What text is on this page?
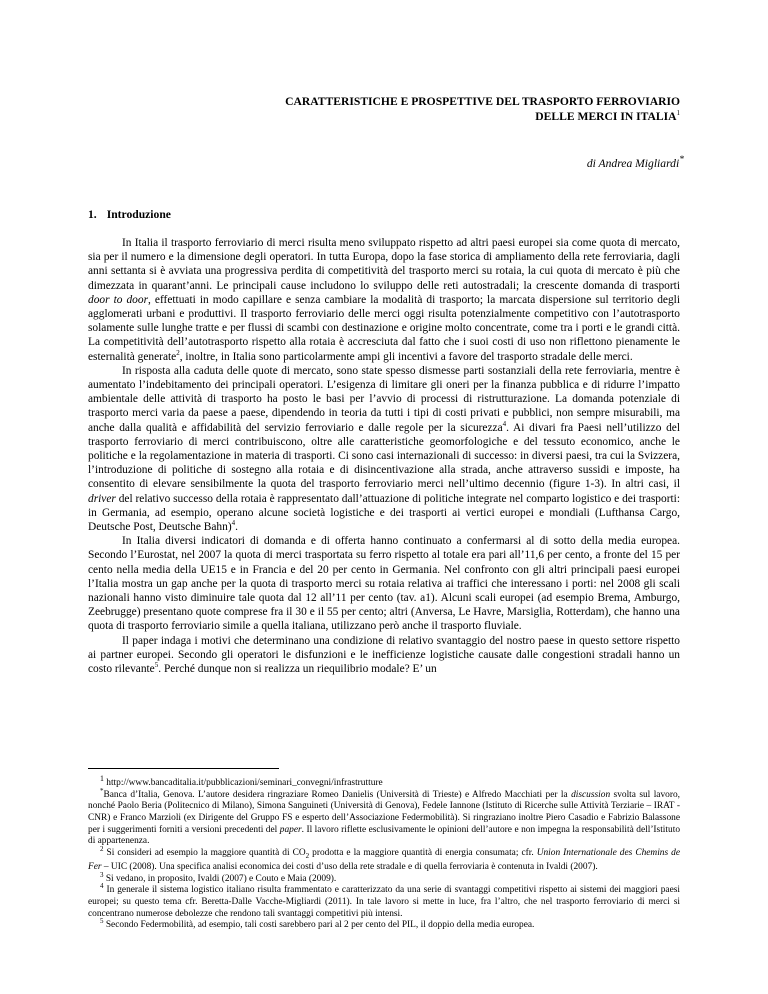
CARATTERISTICHE E PROSPETTIVE DEL TRASPORTO FERROVIARIO
DELLE MERCI IN ITALIA$^1$
di Andrea Migliardi*
1. Introduzione

In Italia il trasporto ferroviario di merci risulta meno sviluppato rispetto ad altri paesi europei sia come quota di mercato, sia per il numero e la dimensione degli operatori. In tutta Europa, dopo la fase storica di ampliamento della rete ferroviaria, dagli anni settanta si è avviata una progressiva perdita di competitività del trasporto merci su rotaia, la cui quota di mercato è più che dimezzata in quarant’anni. Le principali cause includono lo sviluppo delle reti autostradali; la crescente domanda di trasporti door to door, effettuati in modo capillare e senza cambiare la modalità di trasporto; la marcata dispersione sul territorio degli agglomerati urbani e produttivi. Il trasporto ferroviario delle merci oggi risulta potenzialmente competitivo con l’autotrasporto solamente sulle lunghe tratte e per flussi di scambi con destinazione e origine molto concentrate, come tra i porti e le grandi città. La competitività dell’autotrasporto rispetto alla rotaia è accresciuta dal fatto che i suoi costi di uso non riflettono pienamente le esternalità generate$^2$, inoltre, in Italia sono particolarmente ampi gli incentivi a favore del trasporto stradale delle merci.

In risposta alla caduta delle quote di mercato, sono state spesso dismesse parti sostanziali della rete ferroviaria, mentre è aumentato l’indebitamento dei principali operatori. L’esigenza di limitare gli oneri per la finanza pubblica e di ridurre l’impatto ambientale delle attività di trasporto ha posto le basi per l’avvio di processi di ristrutturazione. La domanda potenziale di trasporto merci varia da paese a paese, dipendendo in teoria da tutti i tipi di costi privati e pubblici, non sempre misurabili, ma anche dalla qualità e affidabilità del servizio ferroviario e dalle regole per la sicurezza$^4$. Ai divari fra Paesi nell’utilizzo del trasporto ferroviario di merci contribuiscono, oltre alle caratteristiche geomorfologiche e del tessuto economico, anche le politiche e la regolamentazione in materia di trasporti. Ci sono casi internazionali di successo: in diversi paesi, tra cui la Svizzera, l’introduzione di politiche di sostegno alla rotaia e di disincentivazione alla strada, anche attraverso sussidi e imposte, ha consentito di elevare sensibilmente la quota del trasporto ferroviario merci nell’ultimo decennio (figure 1-3). In altri casi, il driver del relativo successo della rotaia è rappresentato dall’attuazione di politiche integrate nel comparto logistico e dei trasporti: in Germania, ad esempio, operano alcune società logistiche e dei trasporti ai vertici europei e mondiali (Lufthansa Cargo, Deutsche Post, Deutsche Bahn)$^4$.

In Italia diversi indicatori di domanda e di offerta hanno continuato a confermarsi al di sotto della media europea. Secondo l’Eurostat, nel 2007 la quota di merci trasportata su ferro rispetto al totale era pari all’11,6 per cento, a fronte del 15 per cento nella media della UE15 e in Francia e del 20 per cento in Germania. Nel confronto con gli altri principali paesi europei l’Italia mostra un gap anche per la quota di trasporto merci su rotaia relativa ai traffici che interessano i porti: nel 2008 gli scali nazionali hanno visto diminuire tale quota dal 12 all’11 per cento (tav. a1). Alcuni scali europei (ad esempio Brema, Amburgo, Zeebrugge) presentano quote comprese fra il 30 e il 55 per cento; altri (Anversa, Le Havre, Marsiglia, Rotterdam), che hanno una quota di trasporto ferroviario simile a quella italiana, utilizzano però anche il trasporto fluviale.

Il paper indaga i motivi che determinano una condizione di relativo svantaggio del nostro paese in questo settore rispetto ai partner europei. Secondo gli operatori le disfunzioni e le inefficienze logistiche causate dalle congestioni stradali hanno un costo rilevante$^5$. Perché dunque non si realizza un riequilibrio modale? E’ un

$^1$ http://www.bancaditalia.it/pubblicazioni/seminari_convegni/infrastrutture

*Banca d’Italia, Genova. L’autore desidera ringraziare Romeo Danielis (Università di Trieste) e Alfredo Macchiati per la discussion svolta sul lavoro, nonché Paolo Beria (Politecnico di Milano), Simona Sanguineti (Università di Genova), Fedele Iannone (Istituto di Ricerche sulle Attività Terziarie – IRAT - CNR) e Franco Marzioli (ex Dirigente del Gruppo FS e esperto dell’Associazione Federmobilità). Si ringraziano inoltre Piero Casadio e Fabrizio Balassone per i suggerimenti forniti a versioni precedenti del paper. Il lavoro riflette esclusivamente le opinioni dell’autore e non impegna la responsabilità dell’Istituto di appartenenza.

$^2$ Si consideri ad esempio la maggiore quantità di $CO_2$ prodotta e la maggiore quantità di energia consumata; cfr. Union Internationale des Chemins de Fer – UIC (2008). Una specifica analisi economica dei costi d’uso della rete stradale e di quella ferroviaria è contenuta in Ivaldi (2007).

$^3$ Si vedano, in proposito, Ivaldi (2007) e Couto e Maia (2009).

$^4$ In generale il sistema logistico italiano risulta frammentato e caratterizzato da una serie di svantaggi competitivi rispetto ai sistemi dei maggiori paesi europei; su questo tema cfr. Beretta-Dalle Vacche-Migliardi (2011). In tale lavoro si mette in luce, fra l’altro, che nel trasporto ferroviario di merci si concentrano numerose debolezze che rendono tali svantaggi competitivi più intensi.

$^5$ Secondo Federmobilità, ad esempio, tali costi sarebbero pari al 2 per cento del PIL, il doppio della media europea.
